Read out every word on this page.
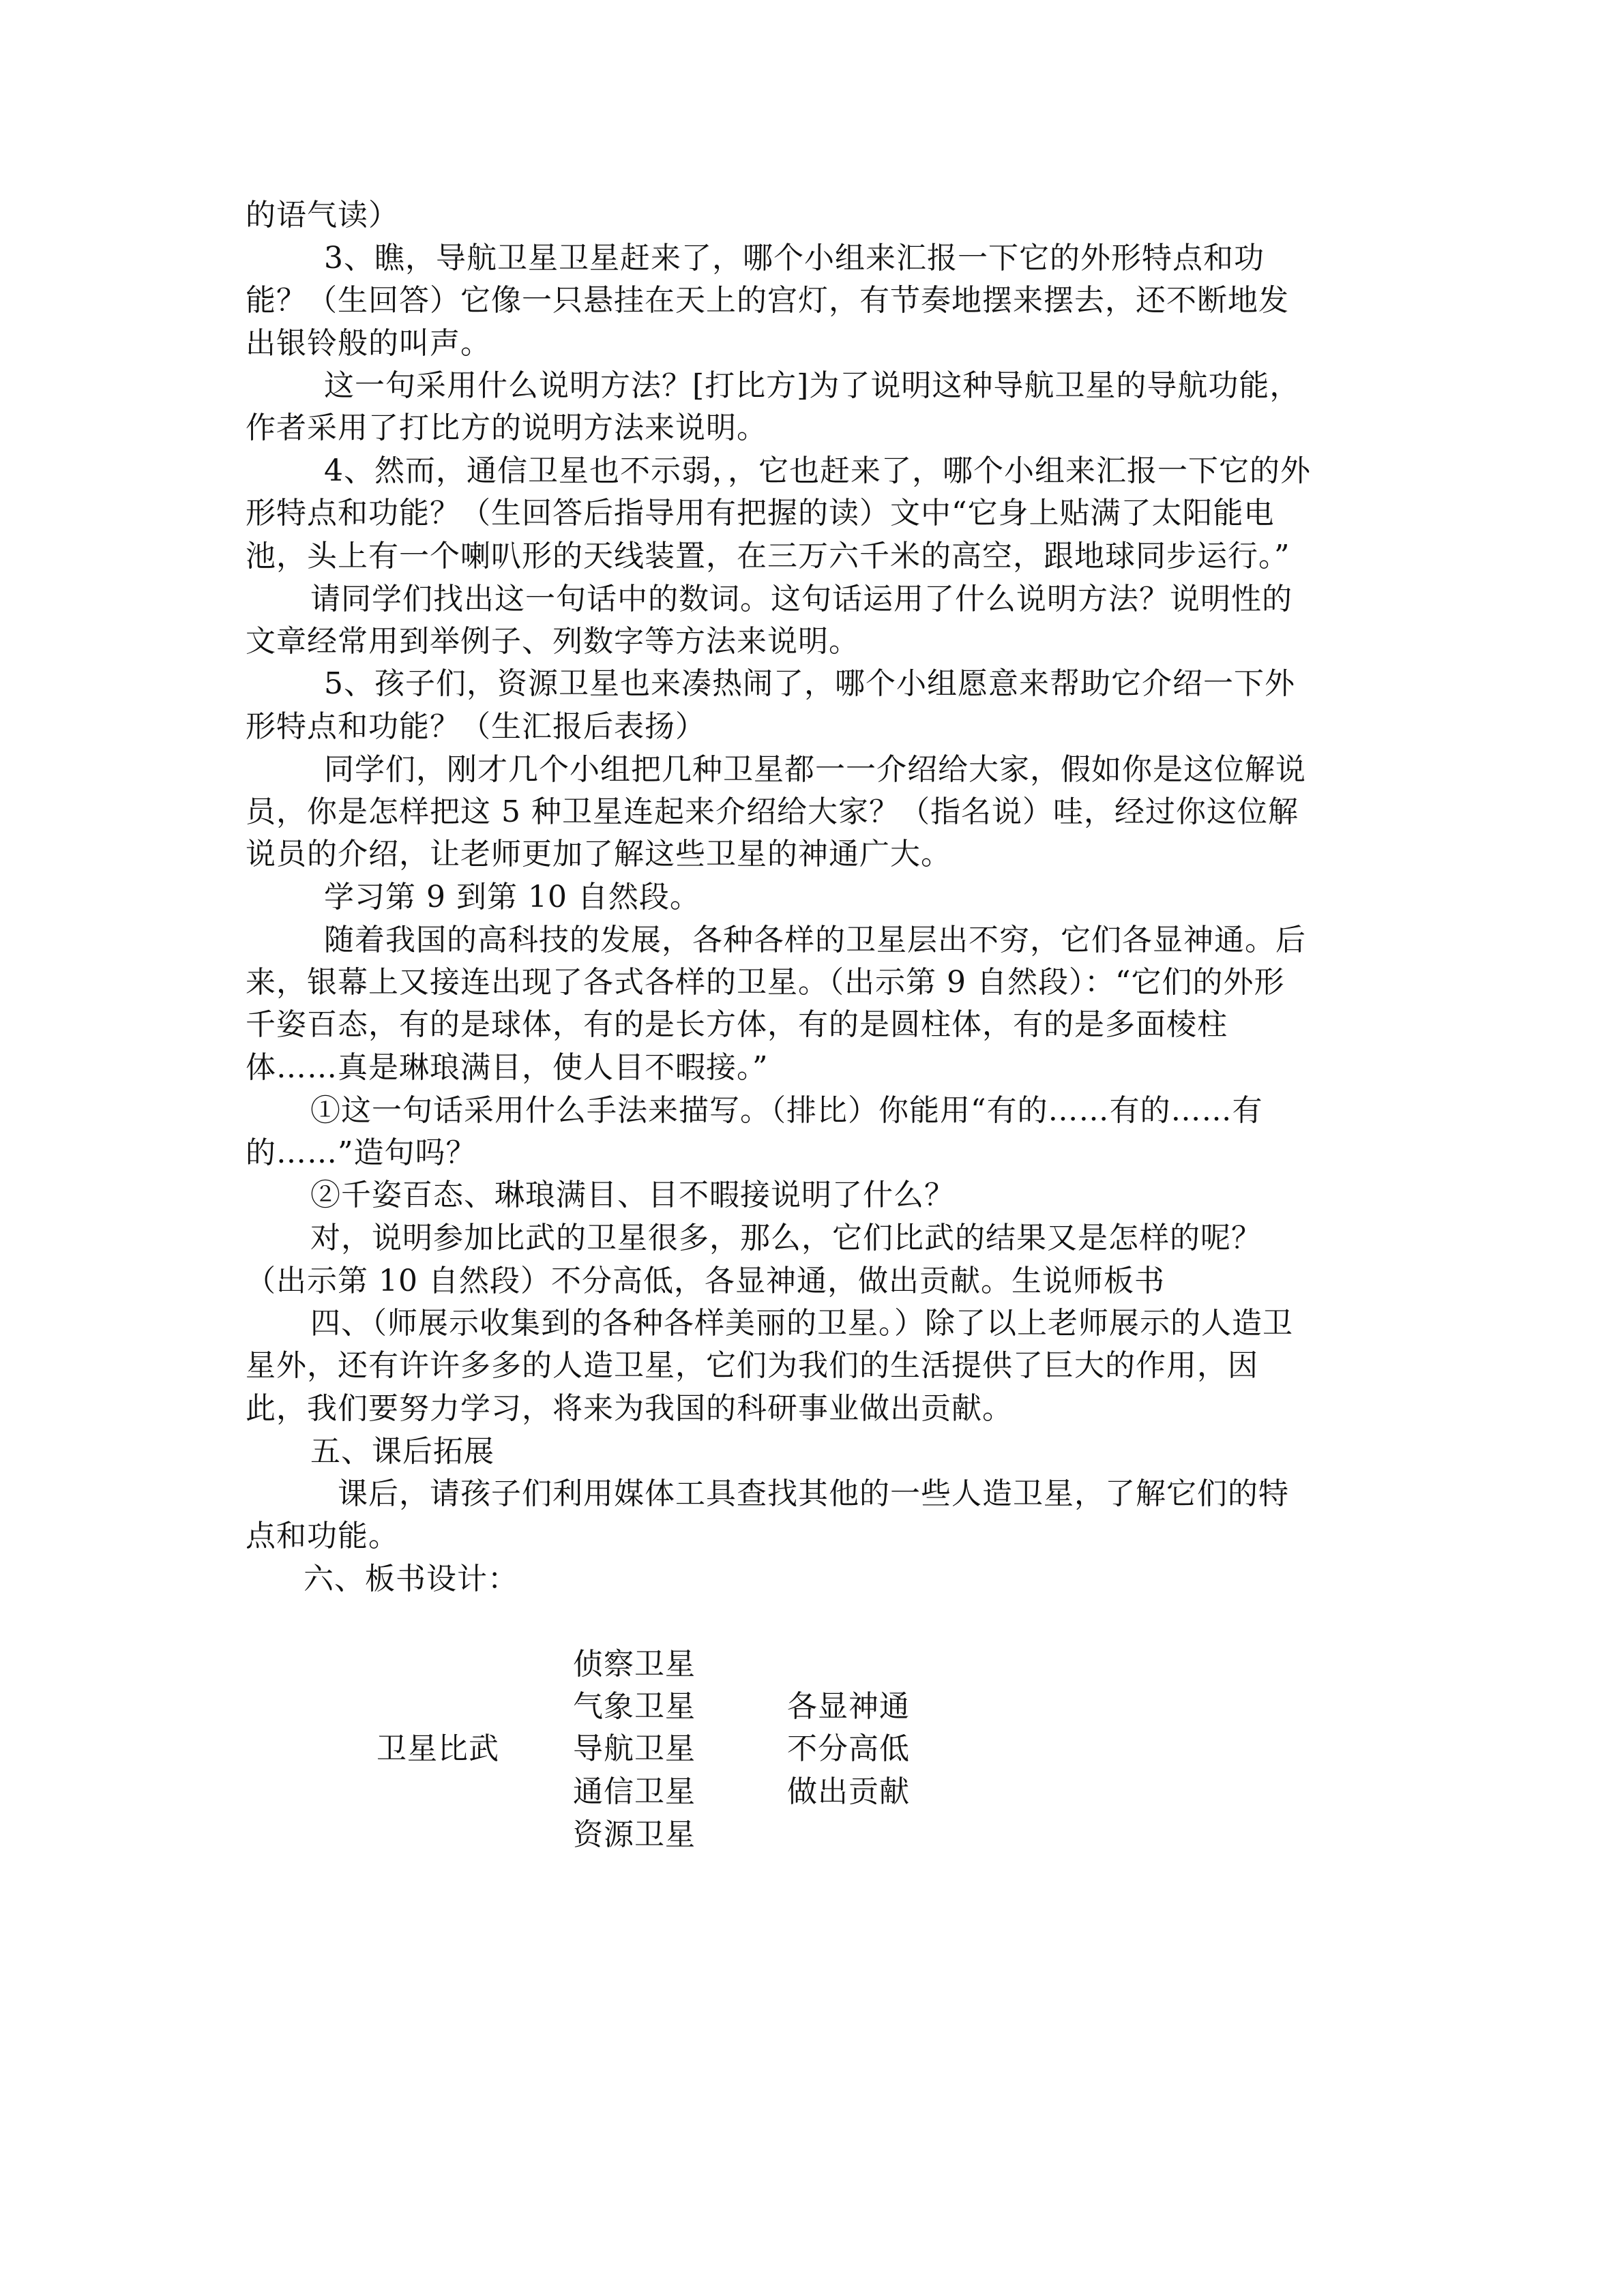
的语气读）
3、瞧，导航卫星卫星赶来了，哪个小组来汇报一下它的外形特点和功
能？（生回答）它像一只悬挂在天上的宫灯，有节奏地摆来摆去，还不断地发
出银铃般的叫声。
这一句采用什么说明方法？[打比方]为了说明这种导航卫星的导航功能，
作者采用了打比方的说明方法来说明。
4、然而，通信卫星也不示弱，，它也赶来了，哪个小组来汇报一下它的外
形特点和功能？（生回答后指导用有把握的读）文中“它身上贴满了太阳能电
池，头上有一个喇叭形的天线装置，在三万六千米的高空，跟地球同步运行。”
请同学们找出这一句话中的数词。这句话运用了什么说明方法？说明性的
文章经常用到举例子、列数字等方法来说明。
5、孩子们，资源卫星也来凑热闹了，哪个小组愿意来帮助它介绍一下外
形特点和功能？（生汇报后表扬）
同学们，刚才几个小组把几种卫星都一一介绍给大家，假如你是这位解说
员，你是怎样把这 5 种卫星连起来介绍给大家？（指名说）哇，经过你这位解
说员的介绍，让老师更加了解这些卫星的神通广大。
学习第 9 到第 10 自然段。
随着我国的高科技的发展，各种各样的卫星层出不穷，它们各显神通。后
来，银幕上又接连出现了各式各样的卫星。（出示第 9 自然段）：“它们的外形
千姿百态，有的是球体，有的是长方体，有的是圆柱体，有的是多面棱柱
体……真是琳琅满目，使人目不暇接。”
①这一句话采用什么手法来描写。（排比）你能用“有的……有的……有
的……”造句吗？
②千姿百态、琳琅满目、目不暇接说明了什么？
对，说明参加比武的卫星很多，那么，它们比武的结果又是怎样的呢？
（出示第 10 自然段）不分高低，各显神通，做出贡献。生说师板书
四、（师展示收集到的各种各样美丽的卫星。）除了以上老师展示的人造卫
星外，还有许许多多的人造卫星，它们为我们的生活提供了巨大的作用，因
此，我们要努力学习，将来为我国的科研事业做出贡献。
五、课后拓展
课后，请孩子们利用媒体工具查找其他的一些人造卫星，了解它们的特
点和功能。
六、板书设计：
卫星比武
侦察卫星
气象卫星
导航卫星
通信卫星
资源卫星
各显神通
不分高低
做出贡献
